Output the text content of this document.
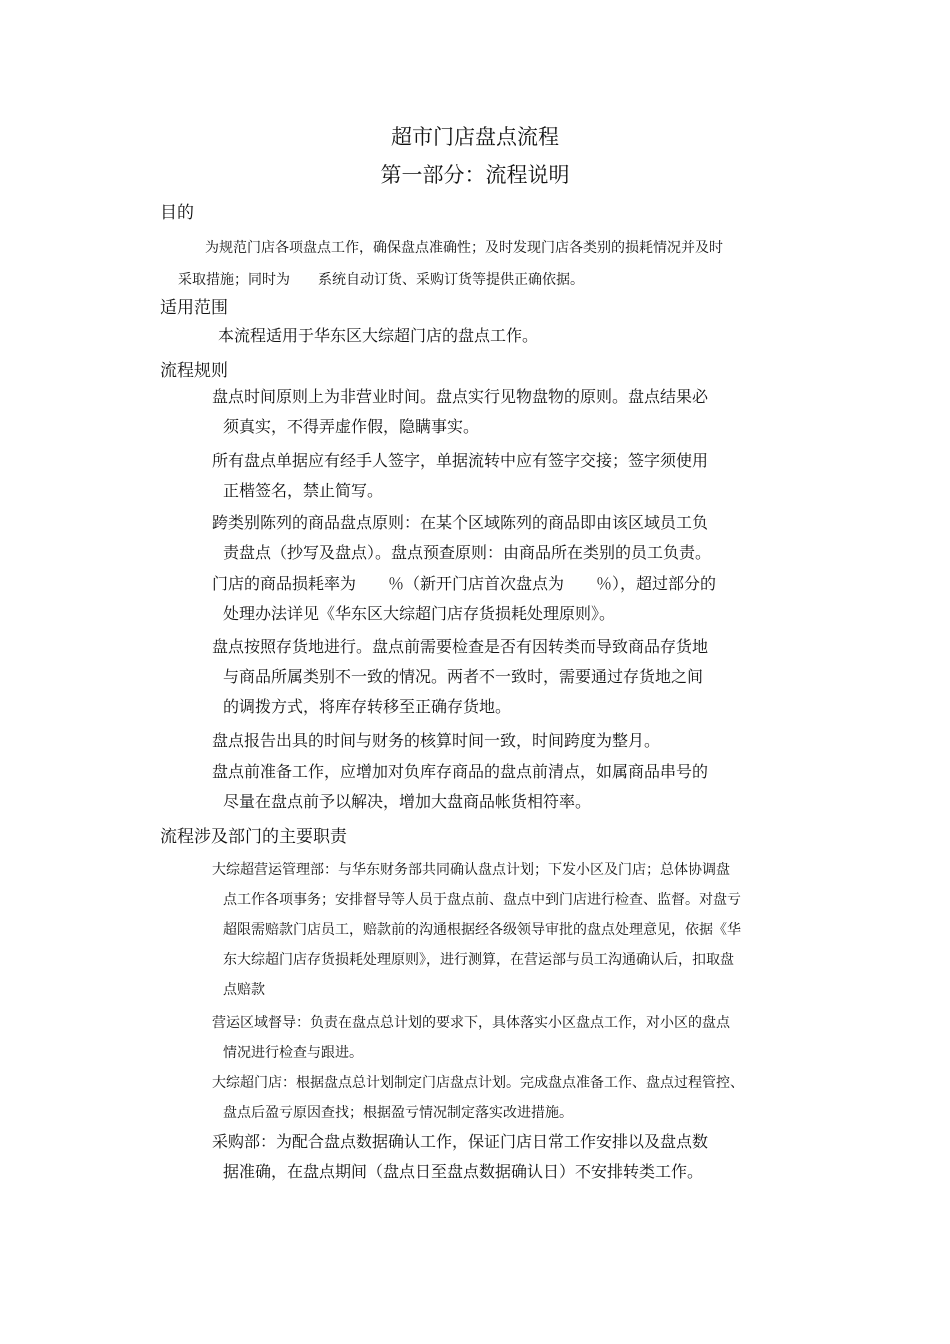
超市门店盘点流程
第一部分：流程说明
目的
为规范门店各项盘点工作，确保盘点准确性；及时发现门店各类别的损耗情况并及时
采取措施；同时为　　系统自动订货、采购订货等提供正确依据。
适用范围
本流程适用于华东区大综超门店的盘点工作。
流程规则
盘点时间原则上为非营业时间。盘点实行见物盘物的原则。盘点结果必
须真实，不得弄虚作假，隐瞒事实。
所有盘点单据应有经手人签字，单据流转中应有签字交接；签字须使用
正楷签名，禁止简写。
跨类别陈列的商品盘点原则：在某个区域陈列的商品即由该区域员工负
责盘点（抄写及盘点）。盘点预查原则：由商品所在类别的员工负责。
门店的商品损耗率为　　％（新开门店首次盘点为　　％），超过部分的
处理办法详见《华东区大综超门店存货损耗处理原则》。
盘点按照存货地进行。盘点前需要检查是否有因转类而导致商品存货地
与商品所属类别不一致的情况。两者不一致时，需要通过存货地之间
的调拨方式，将库存转移至正确存货地。
盘点报告出具的时间与财务的核算时间一致，时间跨度为整月。
盘点前准备工作，应增加对负库存商品的盘点前清点，如属商品串号的
尽量在盘点前予以解决，增加大盘商品帐货相符率。
流程涉及部门的主要职责
大综超营运管理部：与华东财务部共同确认盘点计划；下发小区及门店；总体协调盘
点工作各项事务；安排督导等人员于盘点前、盘点中到门店进行检查、监督。对盘亏
超限需赔款门店员工，赔款前的沟通根据经各级领导审批的盘点处理意见，依据《华
东大综超门店存货损耗处理原则》，进行测算，在营运部与员工沟通确认后，扣取盘
点赔款
营运区域督导：负责在盘点总计划的要求下，具体落实小区盘点工作，对小区的盘点
情况进行检查与跟进。
大综超门店：根据盘点总计划制定门店盘点计划。完成盘点准备工作、盘点过程管控、
盘点后盈亏原因查找；根据盈亏情况制定落实改进措施。
采购部：为配合盘点数据确认工作，保证门店日常工作安排以及盘点数
据准确，在盘点期间（盘点日至盘点数据确认日）不安排转类工作。
